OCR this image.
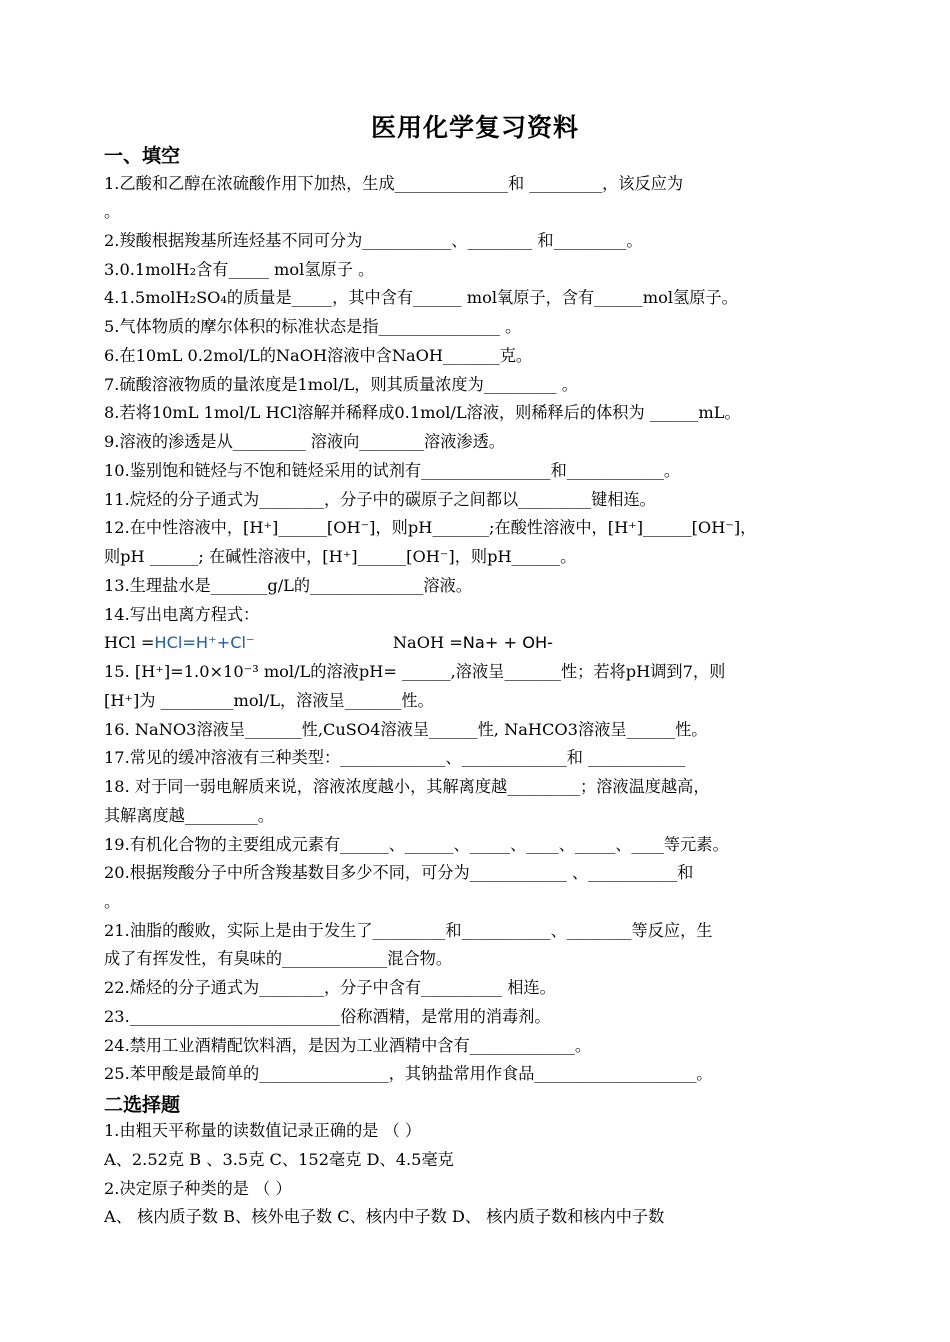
医用化学复习资料
一、填空
1.乙酸和乙醇在浓硫酸作用下加热，生成______________和 _________，该反应为
。
2.羧酸根据羧基所连烃基不同可分为___________、________ 和_________。
3.0.1molH₂含有_____ mol氢原子 。
4.1.5molH₂SO₄的质量是_____，其中含有______ mol氧原子，含有______mol氢原子。
5.气体物质的摩尔体积的标准状态是指_______________ 。
6.在10mL 0.2mol/L的NaOH溶液中含NaOH_______克。
7.硫酸溶液物质的量浓度是1mol/L，则其质量浓度为_________ 。
8.若将10mL 1mol/L HCl溶解并稀释成0.1mol/L溶液，则稀释后的体积为 ______mL。
9.溶液的渗透是从_________ 溶液向________溶液渗透。
10.鉴别饱和链烃与不饱和链烃采用的试剂有________________和____________。
11.烷烃的分子通式为________，分子中的碳原子之间都以_________键相连。
12.在中性溶液中，[H⁺]______[OH⁻]，则pH_______;在酸性溶液中，[H⁺]______[OH⁻]，
则pH ______; 在碱性溶液中，[H⁺]______[OH⁻]，则pH______。
13.生理盐水是_______g/L的______________溶液。
14.写出电离方程式：
HCl =HCl=H⁺+Cl⁻	NaOH =Na+ + OH-
15. [H⁺]=1.0×10⁻³ mol/L的溶液pH= ______,溶液呈_______性；若将pH调到7，则
[H⁺]为 _________mol/L，溶液呈_______性。
16. NaNO3溶液呈_______性,CuSO4溶液呈______性, NaHCO3溶液呈______性。
17.常见的缓冲溶液有三种类型：_____________、_____________和 ____________
18. 对于同一弱电解质来说，溶液浓度越小，其解离度越_________；溶液温度越高，
其解离度越_________。
19.有机化合物的主要组成元素有______、______、_____、____、_____、____等元素。
20.根据羧酸分子中所含羧基数目多少不同，可分为____________ 、___________和
。
21.油脂的酸败，实际上是由于发生了_________和___________、________等反应，生
成了有挥发性，有臭味的_____________混合物。
22.烯烃的分子通式为________，分子中含有__________ 相连。
23.__________________________俗称酒精，是常用的消毒剂。
24.禁用工业酒精配饮料酒，是因为工业酒精中含有_____________。
25.苯甲酸是最简单的________________，其钠盐常用作食品____________________。
二选择题
1.由粗天平称量的读数值记录正确的是 （ ）
A、2.52克 B 、3.5克 C、152毫克 D、4.5毫克
2.决定原子种类的是 （ ）
A、 核内质子数 B、核外电子数 C、核内中子数 D、 核内质子数和核内中子数
